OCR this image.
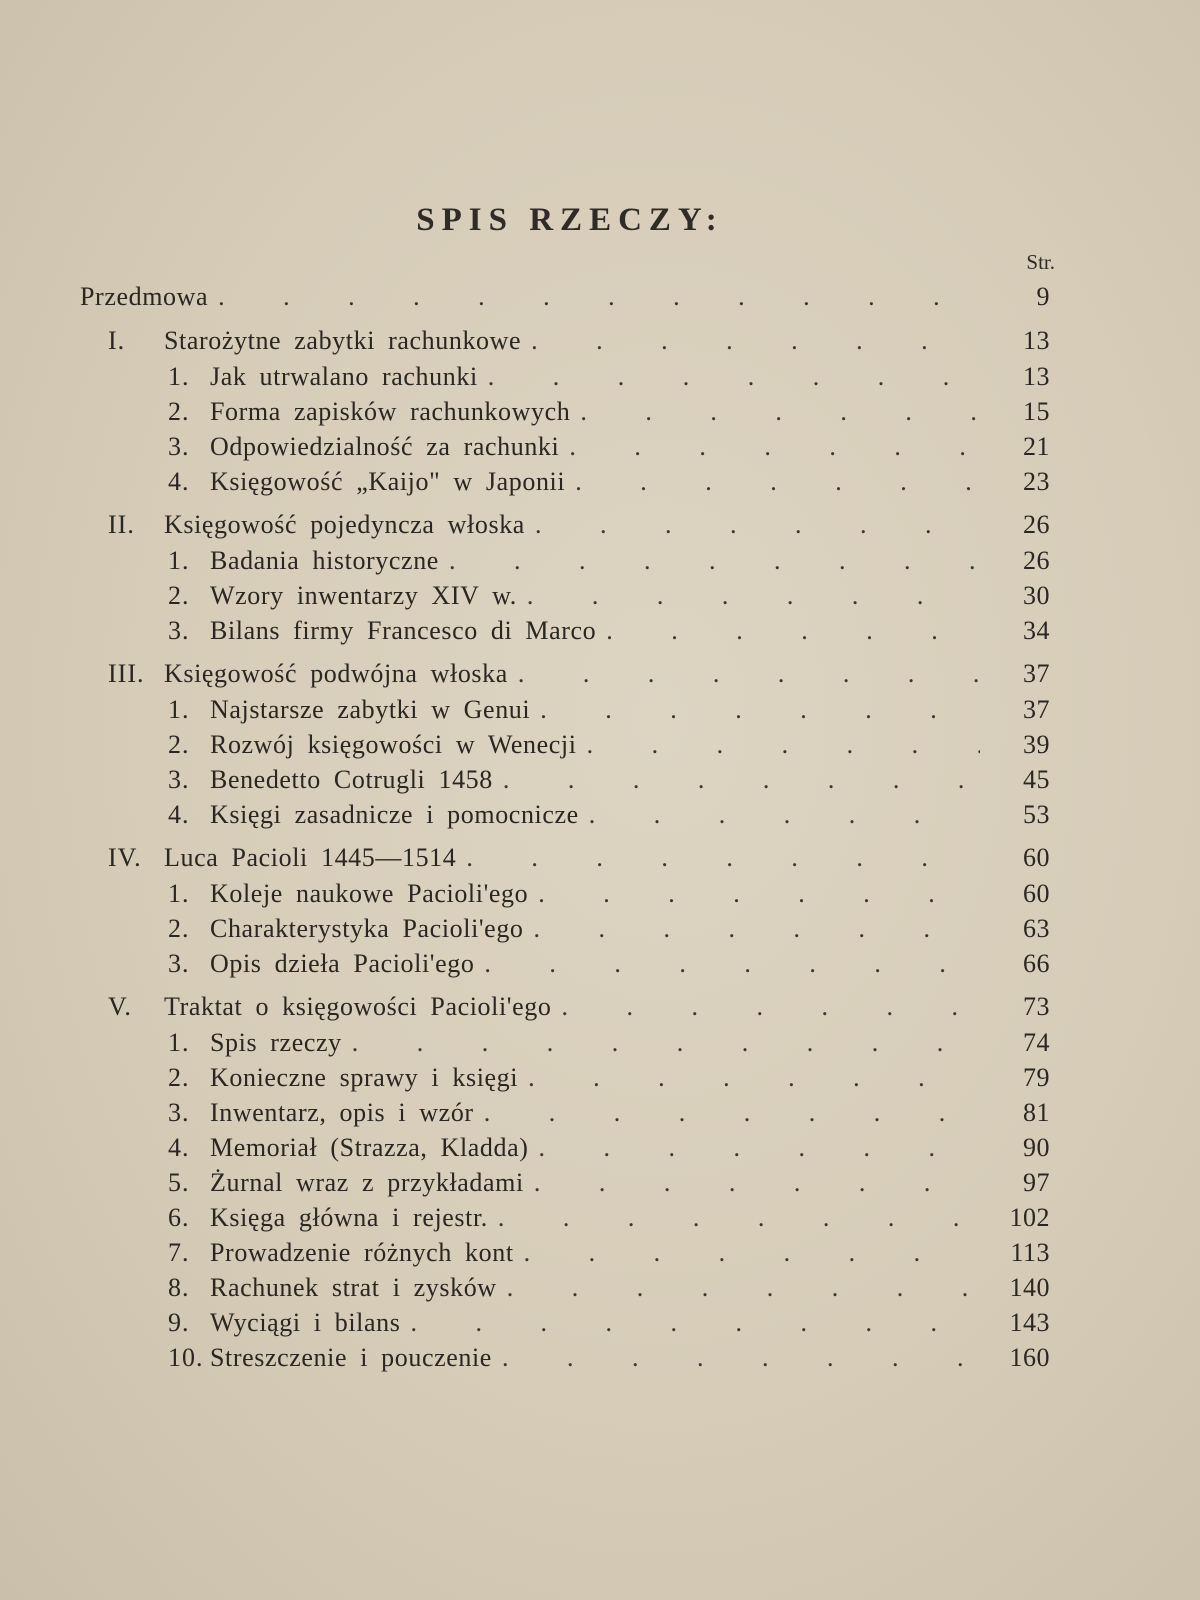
SPIS RZECZY:
Str.
Przedmowa . . .	9
I.	Starożytne zabytki rachunkowe . . .	13
1. Jak utrwalano rachunki . . .	13
2. Forma zapisków rachunkowych . . .	15
3. Odpowiedzialność za rachunki . . .	21
4. Księgowość „Kaijo" w Japonii . . .	23
II.	Księgowość pojedyncza włoska . . .	26
1. Badania historyczne . . .	26
2. Wzory inwentarzy XIV w. . . .	30
3. Bilans firmy Francesco di Marco . . .	34
III. Księgowość podwójna włoska . . .	37
1. Najstarsze zabytki w Genui . . .	37
2. Rozwój księgowości w Wenecji . . .	39
3. Benedetto Cotrugli 1458 . . .	45
4. Księgi zasadnicze i pomocnicze . . .	53
IV. Luca Pacioli 1445—1514 . . .	60
1. Koleje naukowe Pacioli'ego . . .	60
2. Charakterystyka Pacioli'ego . . .	63
3. Opis dzieła Pacioli'ego . . .	66
V.	Traktat o księgowości Pacioli'ego . . .	73
1. Spis rzeczy . . .	74
2. Konieczne sprawy i księgi . . .	79
3. Inwentarz, opis i wzór . . .	81
4. Memoriał (Strazza, Kladda) . . .	90
5. Żurnal wraz z przykładami . . .	97
6. Księga główna i rejestr. . . .	102
7. Prowadzenie różnych kont . . .	113
8. Rachunek strat i zysków . . .	140
9. Wyciągi i bilans . . .	143
10. Streszczenie i pouczenie . . .	160
